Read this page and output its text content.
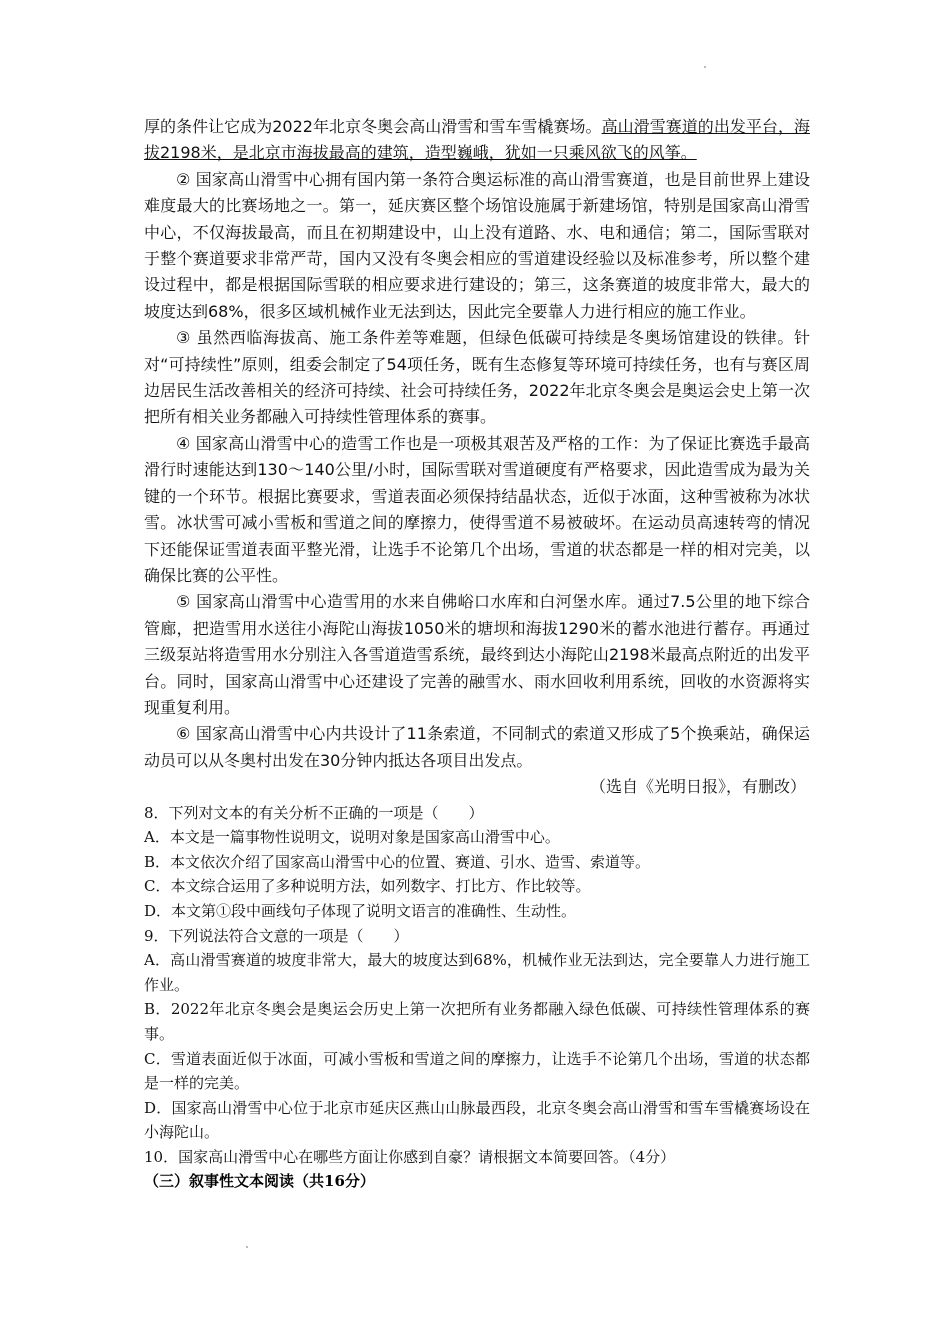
厚的条件让它成为2022年北京冬奥会高山滑雪和雪车雪橇赛场。高山滑雪赛道的出发平台，海拔2198米，是北京市海拔最高的建筑，造型巍峨，犹如一只乘风欲飞的风筝。

② 国家高山滑雪中心拥有国内第一条符合奥运标准的高山滑雪赛道，也是目前世界上建设难度最大的比赛场地之一。第一，延庆赛区整个场馆设施属于新建场馆，特别是国家高山滑雪中心，不仅海拔最高，而且在初期建设中，山上没有道路、水、电和通信；第二，国际雪联对于整个赛道要求非常严苛，国内又没有冬奥会相应的雪道建设经验以及标准参考，所以整个建设过程中，都是根据国际雪联的相应要求进行建设的；第三，这条赛道的坡度非常大，最大的坡度达到68%，很多区域机械作业无法到达，因此完全要靠人力进行相应的施工作业。

③ 虽然西临海拔高、施工条件差等难题，但绿色低碳可持续是冬奥场馆建设的铁律。针对“可持续性”原则，组委会制定了54项任务，既有生态修复等环境可持续任务，也有与赛区周边居民生活改善相关的经济可持续、社会可持续任务，2022年北京冬奥会是奥运会史上第一次把所有相关业务都融入可持续性管理体系的赛事。

④ 国家高山滑雪中心的造雪工作也是一项极其艰苦及严格的工作：为了保证比赛选手最高滑行时速能达到130～140公里/小时，国际雪联对雪道硬度有严格要求，因此造雪成为最为关键的一个环节。根据比赛要求，雪道表面必须保持结晶状态，近似于冰面，这种雪被称为冰状雪。冰状雪可减小雪板和雪道之间的摩擦力，使得雪道不易被破坏。在运动员高速转弯的情况下还能保证雪道表面平整光滑，让选手不论第几个出场，雪道的状态都是一样的相对完美，以确保比赛的公平性。

⑤ 国家高山滑雪中心造雪用的水来自佛峪口水库和白河堡水库。通过7.5公里的地下综合管廊，把造雪用水送往小海陀山海拔1050米的塘坝和海拔1290米的蓄水池进行蓄存。再通过三级泵站将造雪用水分别注入各雪道造雪系统，最终到达小海陀山2198米最高点附近的出发平台。同时，国家高山滑雪中心还建设了完善的融雪水、雨水回收利用系统，回收的水资源将实现重复利用。

⑥ 国家高山滑雪中心内共设计了11条索道，不同制式的索道又形成了5个换乘站，确保运动员可以从冬奥村出发在30分钟内抵达各项目出发点。

（选自《光明日报》，有删改）

8．下列对文本的有关分析不正确的一项是（　　）

A．本文是一篇事物性说明文，说明对象是国家高山滑雪中心。

B．本文依次介绍了国家高山滑雪中心的位置、赛道、引水、造雪、索道等。

C．本文综合运用了多种说明方法，如列数字、打比方、作比较等。

D．本文第①段中画线句子体现了说明文语言的准确性、生动性。

9．下列说法符合文意的一项是（　　）

A．高山滑雪赛道的坡度非常大，最大的坡度达到68%，机械作业无法到达，完全要靠人力进行施工作业。

B．2022年北京冬奥会是奥运会历史上第一次把所有业务都融入绿色低碳、可持续性管理体系的赛事。

C．雪道表面近似于冰面，可减小雪板和雪道之间的摩擦力，让选手不论第几个出场，雪道的状态都是一样的完美。

D．国家高山滑雪中心位于北京市延庆区燕山山脉最西段，北京冬奥会高山滑雪和雪车雪橇赛场设在小海陀山。

10．国家高山滑雪中心在哪些方面让你感到自豪？请根据文本简要回答。（4分）

（三）叙事性文本阅读（共16分）
